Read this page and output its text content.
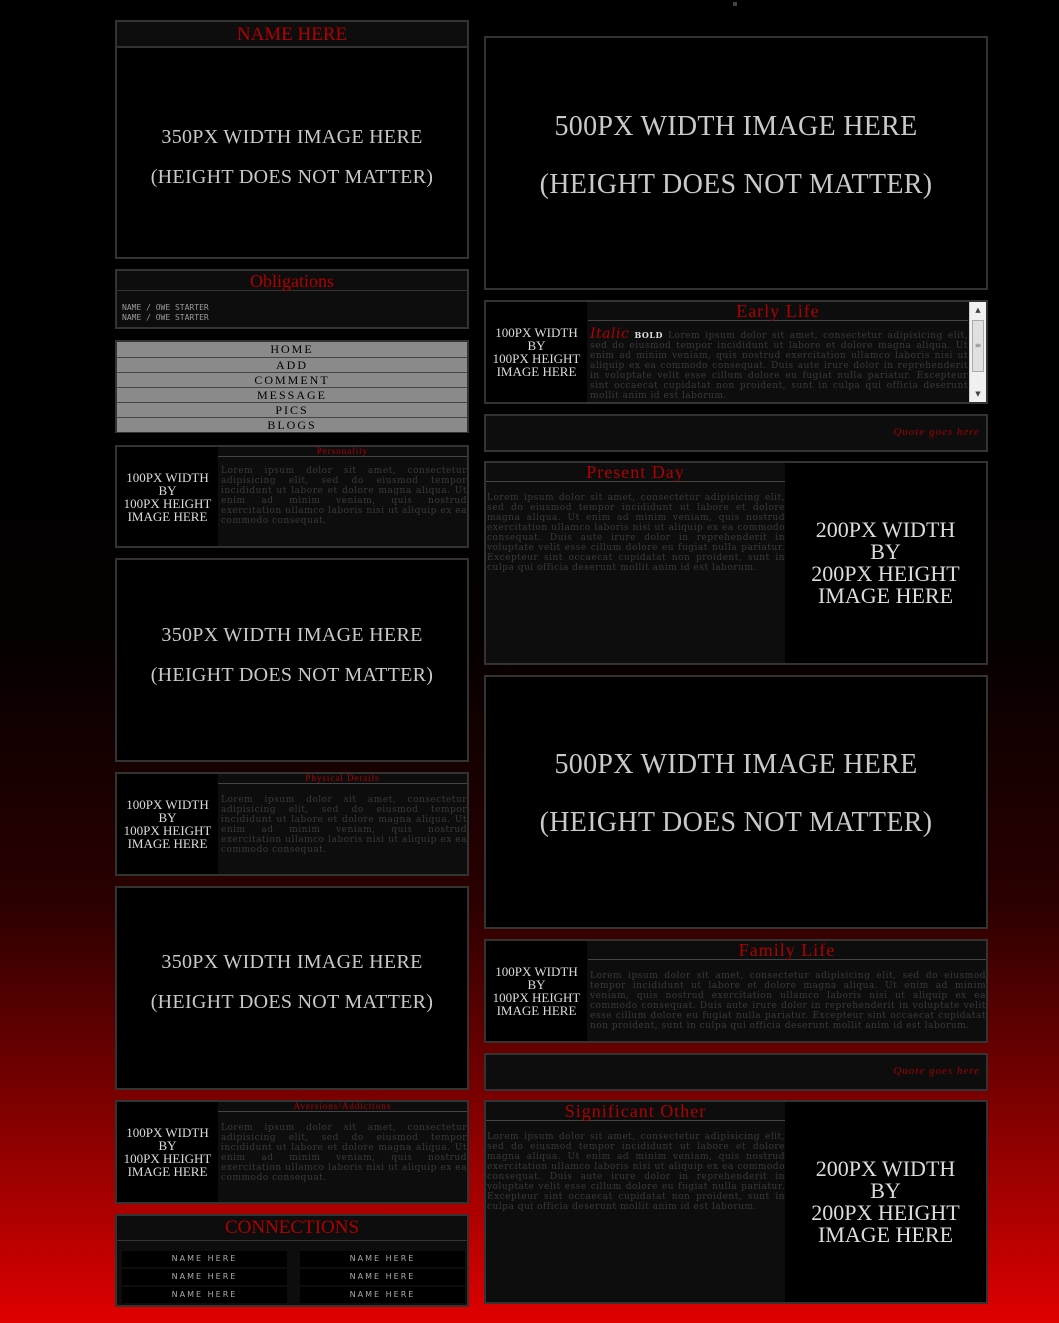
NAME HERE
350PX WIDTH IMAGE HERE
(HEIGHT DOES NOT MATTER)
Obligations
NAME / OWE STARTER
NAME / OWE STARTER
HOME
ADD
COMMENT
MESSAGE
PICS
BLOGS
100PX WIDTH
BY
100PX HEIGHT
IMAGE HERE
Personality
Lorem ipsum dolor sit amet, consectetur adipisicing elit, sed do eiusmod tempor incididunt ut labore et dolore magna aliqua. Ut enim ad minim veniam, quis nostrud exercitation ullamco laboris nisi ut aliquip ex ea commodo consequat.
350PX WIDTH IMAGE HERE
(HEIGHT DOES NOT MATTER)
100PX WIDTH
BY
100PX HEIGHT
IMAGE HERE
Physical Details
Lorem ipsum dolor sit amet, consectetur adipisicing elit, sed do eiusmod tempor incididunt ut labore et dolore magna aliqua. Ut enim ad minim veniam, quis nostrud exercitation ullamco laboris nisi ut aliquip ex ea commodo consequat.
350PX WIDTH IMAGE HERE
(HEIGHT DOES NOT MATTER)
100PX WIDTH
BY
100PX HEIGHT
IMAGE HERE
Aversions/Addictions
Lorem ipsum dolor sit amet, consectetur adipisicing elit, sed do eiusmod tempor incididunt ut labore et dolore magna aliqua. Ut enim ad minim veniam, quis nostrud exercitation ullamco laboris nisi ut aliquip ex ea commodo consequat.
CONNECTIONS
NAME HERE	NAME HERE
NAME HERE	NAME HERE
NAME HERE	NAME HERE
500PX WIDTH IMAGE HERE
(HEIGHT DOES NOT MATTER)
100PX WIDTH
BY
100PX HEIGHT
IMAGE HERE
Early Life
Italic BOLD Lorem ipsum dolor sit amet, consectetur adipisicing elit, sed do eiusmod tempor incididunt ut labore et dolore magna aliqua. Ut enim ad minim veniam, quis nostrud exercitation ullamco laboris nisi ut aliquip ex ea commodo consequat. Duis aute irure dolor in reprehenderit in voluptate velit esse cillum dolore eu fugiat nulla pariatur. Excepteur sint occaecat cupidatat non proident, sunt in culpa qui officia deserunt mollit anim id est laborum.
▲
≡
▼
Quote goes here
Present Day
Lorem ipsum dolor sit amet, consectetur adipisicing elit, sed do eiusmod tempor incididunt ut labore et dolore magna aliqua. Ut enim ad minim veniam, quis nostrud exercitation ullamco laboris nisi ut aliquip ex ea commodo consequat. Duis aute irure dolor in reprehenderit in voluptate velit esse cillum dolore eu fugiat nulla pariatur. Excepteur sint occaecat cupidatat non proident, sunt in culpa qui officia deserunt mollit anim id est laborum.
200PX WIDTH
BY
200PX HEIGHT
IMAGE HERE
500PX WIDTH IMAGE HERE
(HEIGHT DOES NOT MATTER)
100PX WIDTH
BY
100PX HEIGHT
IMAGE HERE
Family Life
Lorem ipsum dolor sit amet, consectetur adipisicing elit, sed do eiusmod tempor incididunt ut labore et dolore magna aliqua. Ut enim ad minim veniam, quis nostrud exercitation ullamco laboris nisi ut aliquip ex ea commodo consequat. Duis aute irure dolor in reprehenderit in voluptate velit esse cillum dolore eu fugiat nulla pariatur. Excepteur sint occaecat cupidatat non proident, sunt in culpa qui officia deserunt mollit anim id est laborum.
Quote goes here
Significant Other
Lorem ipsum dolor sit amet, consectetur adipisicing elit, sed do eiusmod tempor incididunt ut labore et dolore magna aliqua. Ut enim ad minim veniam, quis nostrud exercitation ullamco laboris nisi ut aliquip ex ea commodo consequat. Duis aute irure dolor in reprehenderit in voluptate velit esse cillum dolore eu fugiat nulla pariatur. Excepteur sint occaecat cupidatat non proident, sunt in culpa qui officia deserunt mollit anim id est laborum.
200PX WIDTH
BY
200PX HEIGHT
IMAGE HERE
